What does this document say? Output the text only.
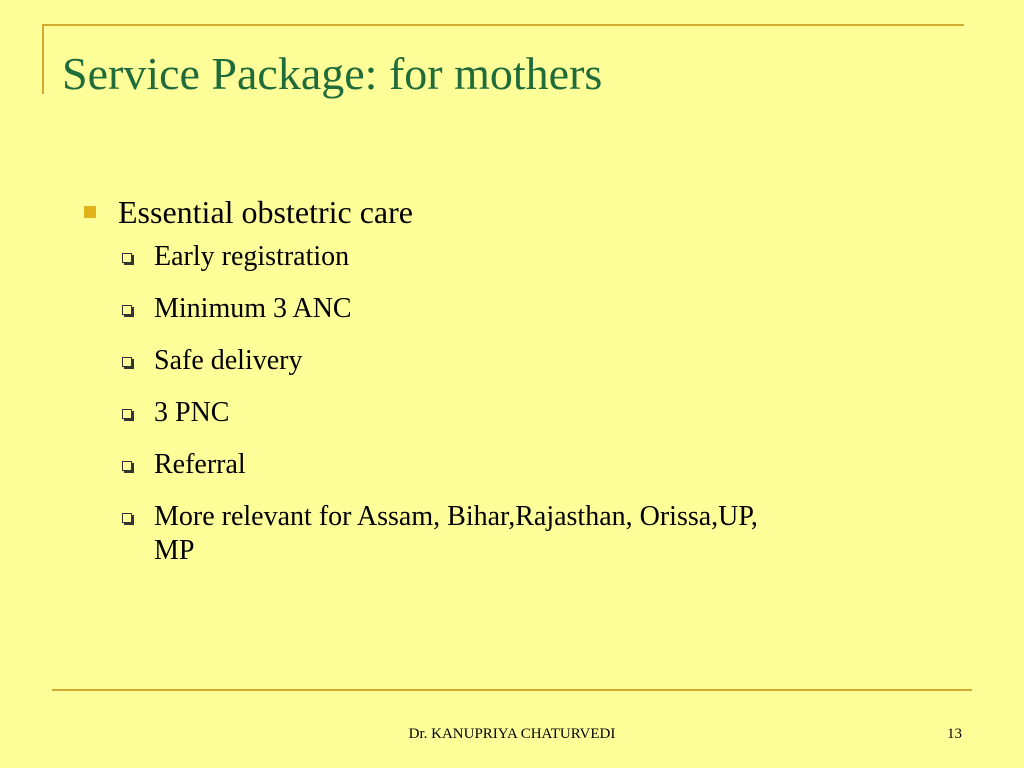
Service Package: for mothers
Essential obstetric care
Early registration
Minimum 3 ANC
Safe delivery
3 PNC
Referral
More relevant for Assam, Bihar,Rajasthan, Orissa,UP, MP
Dr. KANUPRIYA CHATURVEDI	13
